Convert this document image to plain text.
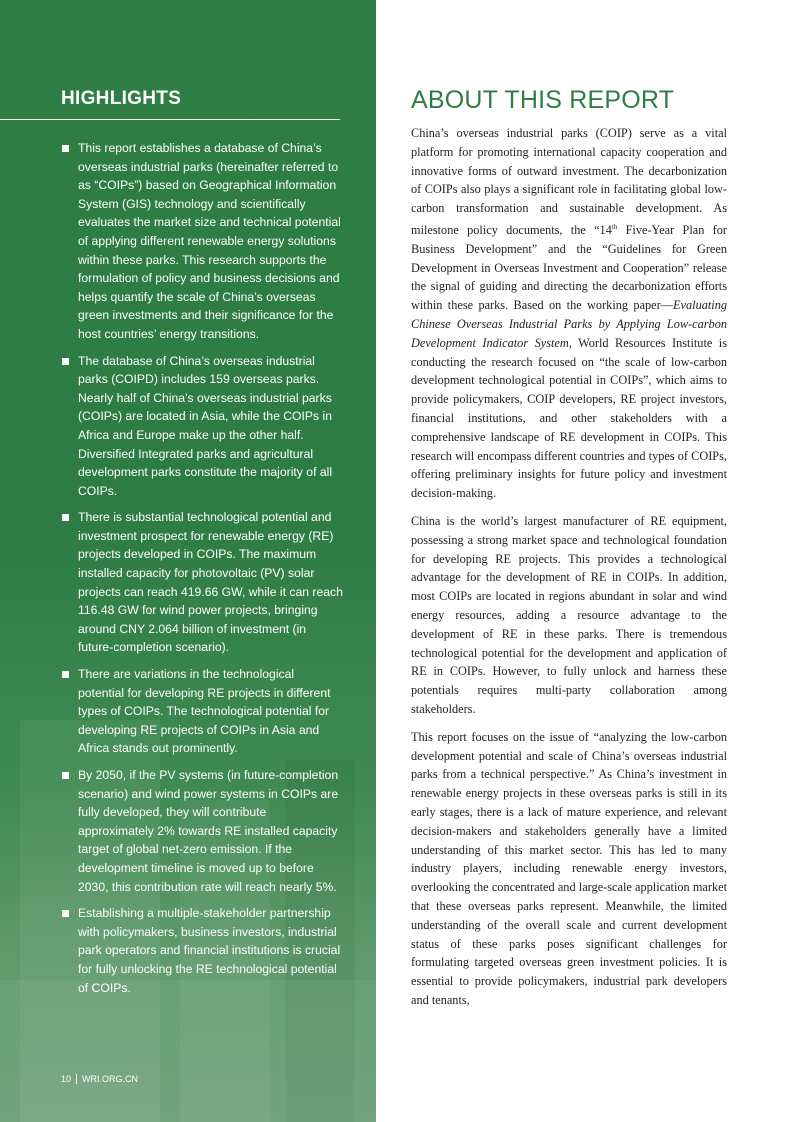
HIGHLIGHTS
This report establishes a database of China’s overseas industrial parks (hereinafter referred to as “COIPs”) based on Geographical Information System (GIS) technology and scientifically evaluates the market size and technical potential of applying different renewable energy solutions within these parks. This research supports the formulation of policy and business decisions and helps quantify the scale of China’s overseas green investments and their significance for the host countries’ energy transitions.
The database of China’s overseas industrial parks (COIPD) includes 159 overseas parks. Nearly half of China’s overseas industrial parks (COIPs) are located in Asia, while the COIPs in Africa and Europe make up the other half. Diversified Integrated parks and agricultural development parks constitute the majority of all COIPs.
There is substantial technological potential and investment prospect for renewable energy (RE) projects developed in COIPs. The maximum installed capacity for photovoltaic (PV) solar projects can reach 419.66 GW, while it can reach 116.48 GW for wind power projects, bringing around CNY 2.064 billion of investment (in future-completion scenario).
There are variations in the technological potential for developing RE projects in different types of COIPs. The technological potential for developing RE projects of COIPs in Asia and Africa stands out prominently.
By 2050, if the PV systems (in future-completion scenario) and wind power systems in COIPs are fully developed, they will contribute approximately 2% towards RE installed capacity target of global net-zero emission. If the development timeline is moved up to before 2030, this contribution rate will reach nearly 5%.
Establishing a multiple-stakeholder partnership with policymakers, business investors, industrial park operators and financial institutions is crucial for fully unlocking the RE technological potential of COIPs.
10 WRI.ORG.CN
ABOUT THIS REPORT

China’s overseas industrial parks (COIP) serve as a vital platform for promoting international capacity cooperation and innovative forms of outward investment. The decarbonization of COIPs also plays a significant role in facilitating global low-carbon transformation and sustainable development. As milestone policy documents, the “14th Five-Year Plan for Business Development” and the “Guidelines for Green Development in Overseas Investment and Cooperation” release the signal of guiding and directing the decarbonization efforts within these parks. Based on the working paper—Evaluating Chinese Overseas Industrial Parks by Applying Low-carbon Development Indicator System, World Resources Institute is conducting the research focused on “the scale of low-carbon development technological potential in COIPs”, which aims to provide policymakers, COIP developers, RE project investors, financial institutions, and other stakeholders with a comprehensive landscape of RE development in COIPs. This research will encompass different countries and types of COIPs, offering preliminary insights for future policy and investment decision-making.

China is the world’s largest manufacturer of RE equipment, possessing a strong market space and technological foundation for developing RE projects. This provides a technological advantage for the development of RE in COIPs. In addition, most COIPs are located in regions abundant in solar and wind energy resources, adding a resource advantage to the development of RE in these parks. There is tremendous technological potential for the development and application of RE in COIPs. However, to fully unlock and harness these potentials requires multi-party collaboration among stakeholders.

This report focuses on the issue of “analyzing the low-carbon development potential and scale of China’s overseas industrial parks from a technical perspective.” As China’s investment in renewable energy projects in these overseas parks is still in its early stages, there is a lack of mature experience, and relevant decision-makers and stakeholders generally have a limited understanding of this market sector. This has led to many industry players, including renewable energy investors, overlooking the concentrated and large-scale application market that these overseas parks represent. Meanwhile, the limited understanding of the overall scale and current development status of these parks poses significant challenges for formulating targeted overseas green investment policies. It is essential to provide policymakers, industrial park developers and tenants,
